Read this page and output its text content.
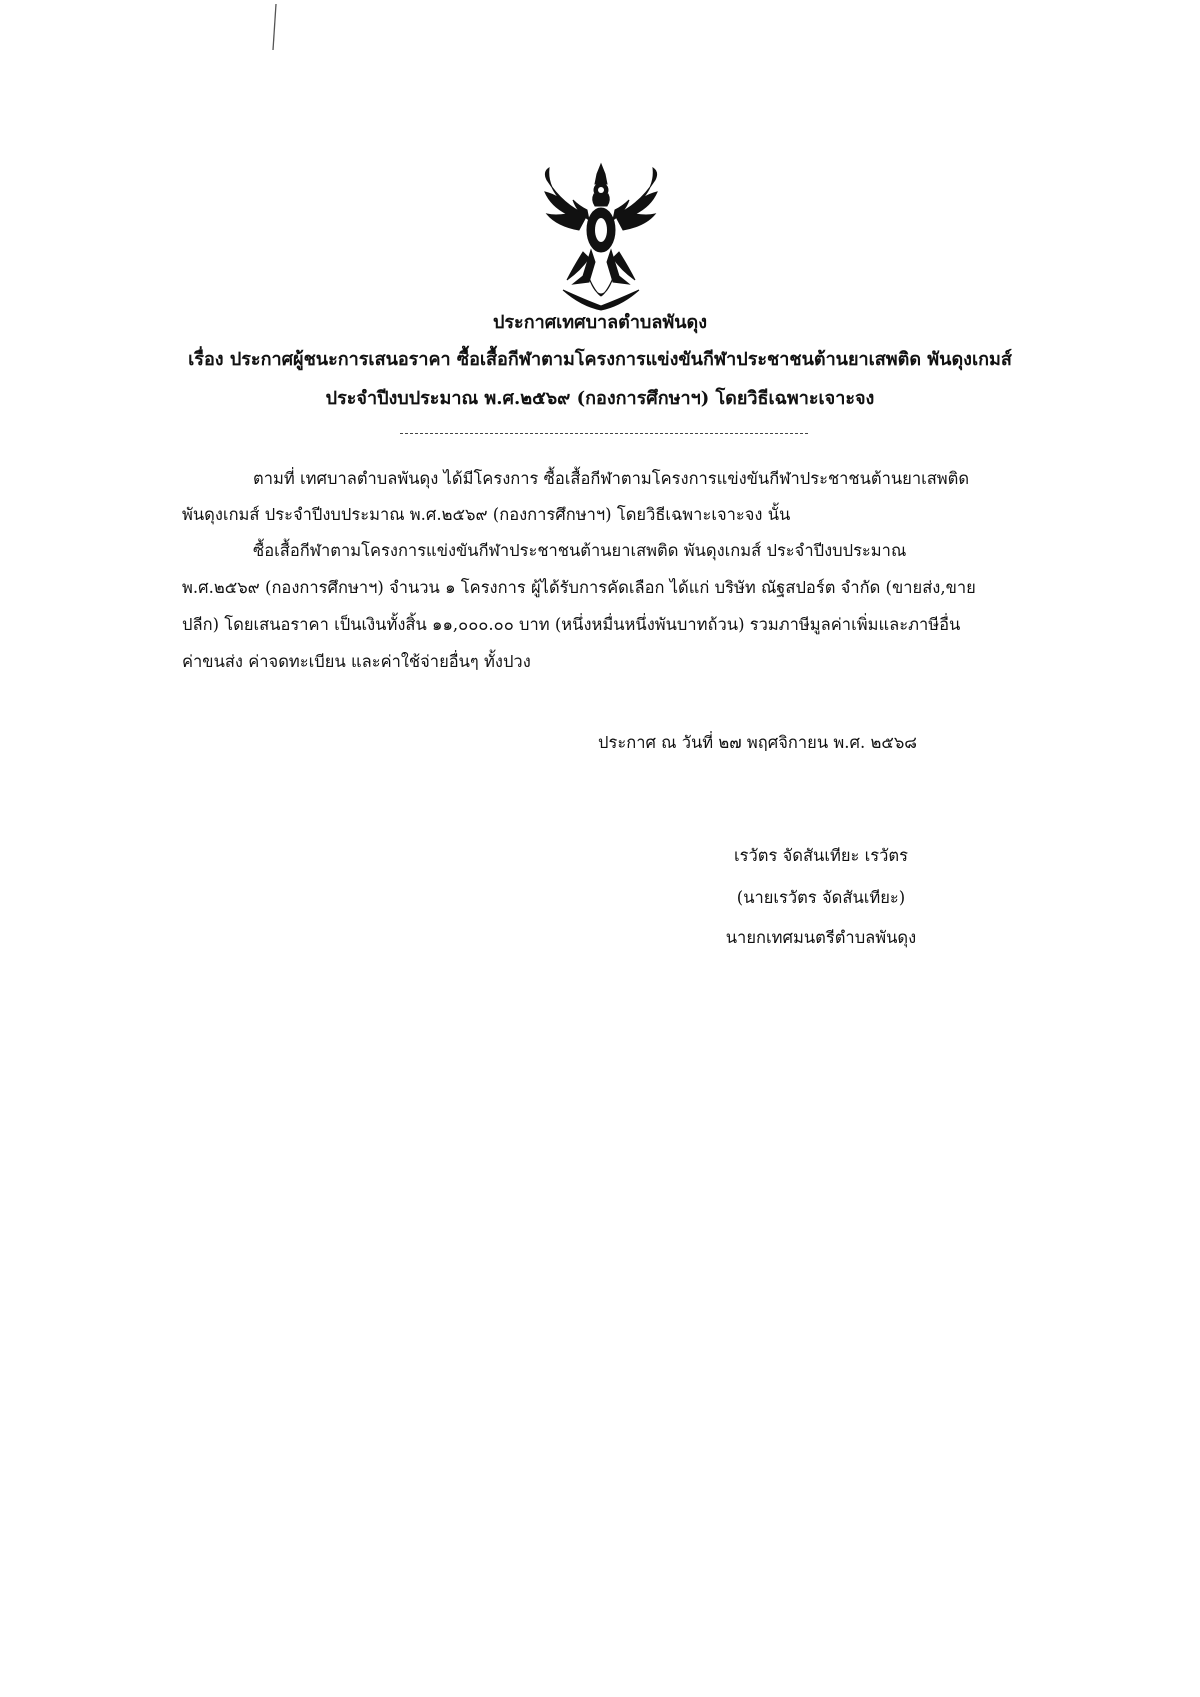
ประกาศเทศบาลตำบลพันดุง
เรื่อง ประกาศผู้ชนะการเสนอราคา ซื้อเสื้อกีฬาตามโครงการแข่งขันกีฬาประชาชนต้านยาเสพติด พันดุงเกมส์
ประจำปีงบประมาณ พ.ศ.๒๕๖๙ (กองการศึกษาฯ) โดยวิธีเฉพาะเจาะจง
ตามที่ เทศบาลตำบลพันดุง ได้มีโครงการ ซื้อเสื้อกีฬาตามโครงการแข่งขันกีฬาประชาชนต้านยาเสพติด
พันดุงเกมส์ ประจำปีงบประมาณ พ.ศ.๒๕๖๙ (กองการศึกษาฯ) โดยวิธีเฉพาะเจาะจง นั้น
ซื้อเสื้อกีฬาตามโครงการแข่งขันกีฬาประชาชนต้านยาเสพติด พันดุงเกมส์ ประจำปีงบประมาณ
พ.ศ.๒๕๖๙ (กองการศึกษาฯ) จำนวน ๑ โครงการ ผู้ได้รับการคัดเลือก ได้แก่ บริษัท ณัฐสปอร์ต จำกัด (ขายส่ง,ขาย
ปลีก) โดยเสนอราคา เป็นเงินทั้งสิ้น ๑๑,๐๐๐.๐๐ บาท (หนึ่งหมื่นหนึ่งพันบาทถ้วน) รวมภาษีมูลค่าเพิ่มและภาษีอื่น
ค่าขนส่ง ค่าจดทะเบียน และค่าใช้จ่ายอื่นๆ ทั้งปวง
ประกาศ ณ วันที่ ๒๗ พฤศจิกายน พ.ศ. ๒๕๖๘
เรวัตร จัดสันเทียะ เรวัตร
(นายเรวัตร จัดสันเทียะ)
นายกเทศมนตรีตำบลพันดุง
